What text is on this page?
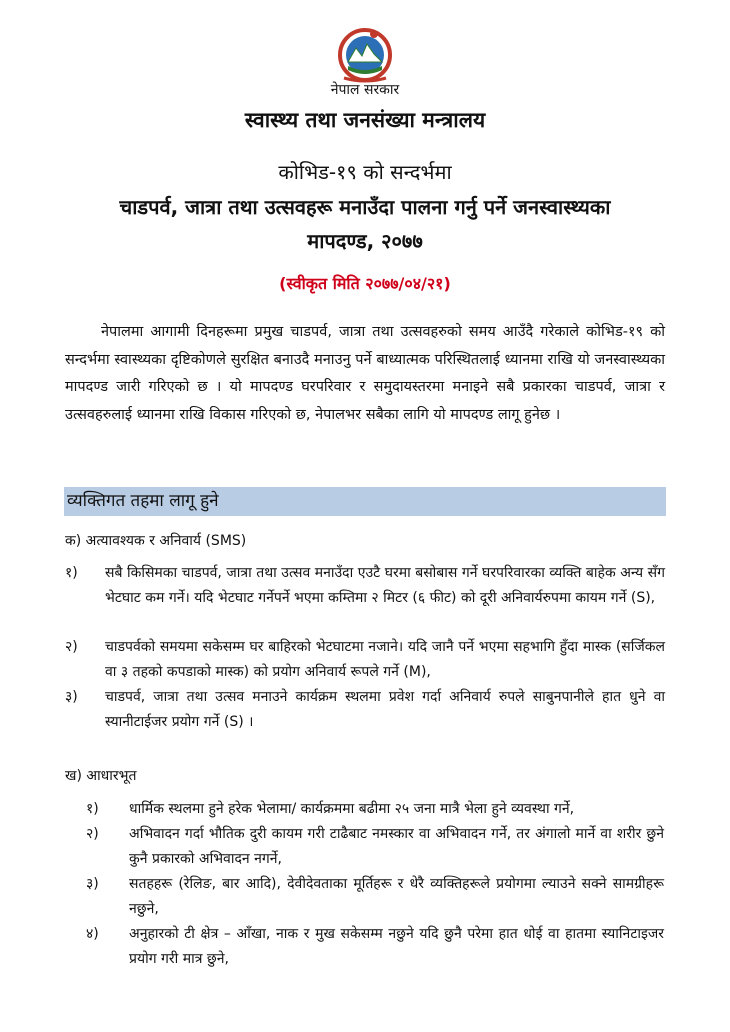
नेपाल सरकार
स्वास्थ्य तथा जनसंख्या मन्त्रालय
कोभिड-१९ को सन्दर्भमा
चाडपर्व, जात्रा तथा उत्सवहरू मनाउँदा पालना गर्नु पर्ने जनस्वास्थ्यका
मापदण्ड, २०७७
(स्वीकृत मिति २०७७/०४/२१)
नेपालमा आगामी दिनहरूमा प्रमुख चाडपर्व, जात्रा तथा उत्सवहरुको समय आउँदै गरेकाले कोभिड-१९ को सन्दर्भमा स्वास्थ्यका दृष्टिकोणले सुरक्षित बनाउदै मनाउनु पर्ने बाध्यात्मक परिस्थितलाई ध्यानमा राखि यो जनस्वास्थ्यका मापदण्ड जारी गरिएको छ । यो मापदण्ड घरपरिवार र समुदायस्तरमा मनाइने सबै प्रकारका चाडपर्व, जात्रा र उत्सवहरुलाई ध्यानमा राखि विकास गरिएको छ, नेपालभर सबैका लागि यो मापदण्ड लागू हुनेछ ।
व्यक्तिगत तहमा लागू हुने
क) अत्यावश्यक र अनिवार्य (SMS)
१) सबै किसिमका चाडपर्व, जात्रा तथा उत्सव मनाउँदा एउटै घरमा बसोबास गर्ने घरपरिवारका व्यक्ति बाहेक अन्य सँग भेटघाट कम गर्ने। यदि भेटघाट गर्नेपर्ने भएमा कम्तिमा २ मिटर (६ फीट) को दूरी अनिवार्यरुपमा कायम गर्ने (S),
२) चाडपर्वको समयमा सकेसम्म घर बाहिरको भेटघाटमा नजाने। यदि जानै पर्ने भएमा सहभागि हुँदा मास्क (सर्जिकल वा ३ तहको कपडाको मास्क) को प्रयोग अनिवार्य रूपले गर्ने (M),
३) चाडपर्व, जात्रा तथा उत्सव मनाउने कार्यक्रम स्थलमा प्रवेश गर्दा अनिवार्य रुपले साबुनपानीले हात धुने वा स्यानीटाईजर प्रयोग गर्ने (S) ।
ख) आधारभूत
१) धार्मिक स्थलमा हुने हरेक भेलामा/ कार्यक्रममा बढीमा २५ जना मात्रै भेला हुने व्यवस्था गर्ने,
२) अभिवादन गर्दा भौतिक दुरी कायम गरी टाढैबाट नमस्कार वा अभिवादन गर्ने, तर अंगालो मार्ने वा शरीर छुने कुनै प्रकारको अभिवादन नगर्ने,
३) सतहहरू (रेलिङ, बार आदि), देवीदेवताका मूर्तिहरू र धेरै व्यक्तिहरूले प्रयोगमा ल्याउने सक्ने सामग्रीहरू नछुने,
४) अनुहारको टी क्षेत्र – आँखा, नाक र मुख सकेसम्म नछुने यदि छुनै परेमा हात धोई वा हातमा स्यानिटाइजर प्रयोग गरी मात्र छुने,
